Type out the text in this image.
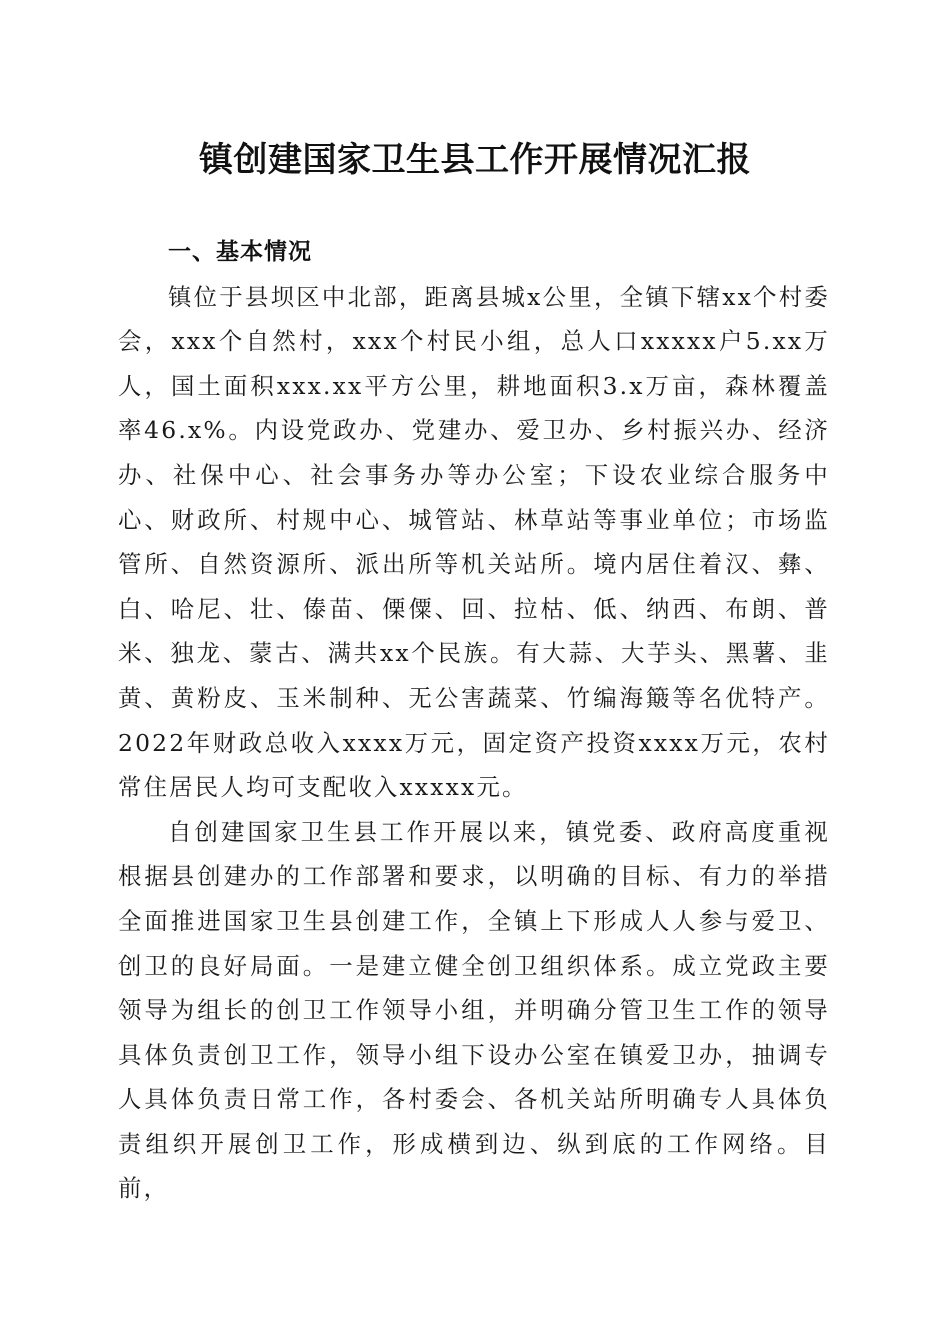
镇创建国家卫生县工作开展情况汇报
一、基本情况

镇位于县坝区中北部，距离县城x公里，全镇下辖xx个村委会，xxx个自然村，xxx个村民小组，总人口xxxxx户5.xx万人，国土面积xxx.xx平方公里，耕地面积3.x万亩，森林覆盖率46.x%。内设党政办、党建办、爱卫办、乡村振兴办、经济办、社保中心、社会事务办等办公室；下设农业综合服务中心、财政所、村规中心、城管站、林草站等事业单位；市场监管所、自然资源所、派出所等机关站所。境内居住着汉、彝、白、哈尼、壮、傣苗、傈僳、回、拉枯、低、纳西、布朗、普米、独龙、蒙古、满共xx个民族。有大蒜、大芋头、黑薯、韭黄、黄粉皮、玉米制种、无公害蔬菜、竹编海簸等名优特产。2022年财政总收入xxxx万元，固定资产投资xxxx万元，农村常住居民人均可支配收入xxxxx元。

自创建国家卫生县工作开展以来，镇党委、政府高度重视根据县创建办的工作部署和要求，以明确的目标、有力的举措全面推进国家卫生县创建工作，全镇上下形成人人参与爱卫、创卫的良好局面。一是建立健全创卫组织体系。成立党政主要领导为组长的创卫工作领导小组，并明确分管卫生工作的领导具体负责创卫工作，领导小组下设办公室在镇爱卫办，抽调专人具体负责日常工作，各村委会、各机关站所明确专人具体负责组织开展创卫工作，形成横到边、纵到底的工作网络。目前，
